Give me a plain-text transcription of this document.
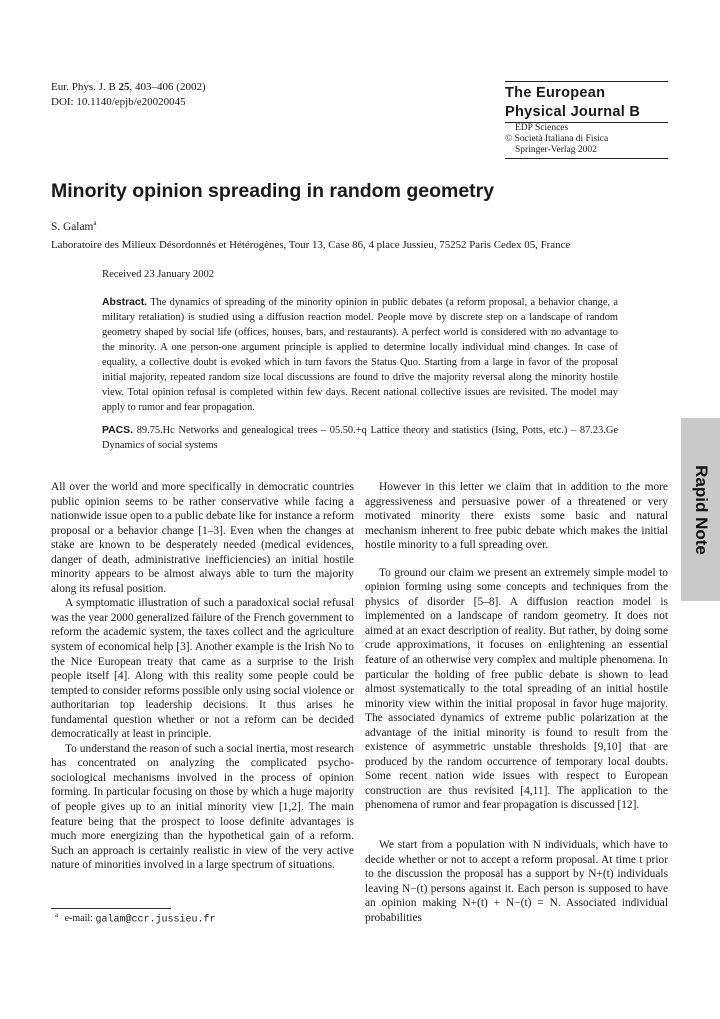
Eur. Phys. J. B 25, 403–406 (2002)
DOI: 10.1140/epjb/e20020045
The European
Physical Journal B
EDP Sciences
© Società Italiana di Fisica
Springer-Verlag 2002
Minority opinion spreading in random geometry
S. Galam$^a$
Laboratoire des Milieux Désordonnés et Hétérogènes, Tour 13, Case 86, 4 place Jussieu, 75252 Paris Cedex 05, France
Received 23 January 2002
Abstract. The dynamics of spreading of the minority opinion in public debates (a reform proposal, a behavior change, a military retaliation) is studied using a diffusion reaction model. People move by discrete step on a landscape of random geometry shaped by social life (offices, houses, bars, and restaurants). A perfect world is considered with no advantage to the minority. A one person-one argument principle is applied to determine locally individual mind changes. In case of equality, a collective doubt is evoked which in turn favors the Status Quo. Starting from a large in favor of the proposal initial majority, repeated random size local discussions are found to drive the majority reversal along the minority hostile view. Total opinion refusal is completed within few days. Recent national collective issues are revisited. The model may apply to rumor and fear propagation.
PACS. 89.75.Hc Networks and genealogical trees – 05.50.+q Lattice theory and statistics (Ising, Potts, etc.) – 87.23.Ge Dynamics of social systems
Rapid Note

All over the world and more specifically in democratic countries public opinion seems to be rather conservative while facing a nationwide issue open to a public debate like for instance a reform proposal or a behavior change [1–3]. Even when the changes at stake are known to be desperately needed (medical evidences, danger of death, administrative inefficiencies) an initial hostile minority appears to be almost always able to turn the majority along its refusal position.

A symptomatic illustration of such a paradoxical social refusal was the year 2000 generalized failure of the French government to reform the academic system, the taxes collect and the agriculture system of economical help [3]. Another example is the Irish No to the Nice European treaty that came as a surprise to the Irish people itself [4]. Along with this reality some people could be tempted to consider reforms possible only using social violence or authoritarian top leadership decisions. It thus arises he fundamental question whether or not a reform can be decided democratically at least in principle.

To understand the reason of such a social inertia, most research has concentrated on analyzing the complicated psycho-sociological mechanisms involved in the process of opinion forming. In particular focusing on those by which a huge majority of people gives up to an initial minority view [1,2]. The main feature being that the prospect to loose definite advantages is much more energizing than the hypothetical gain of a reform. Such an approach is certainly realistic in view of the very active nature of minorities involved in a large spectrum of situations.

However in this letter we claim that in addition to the more aggressiveness and persuasive power of a threatened or very motivated minority there exists some basic and natural mechanism inherent to free pubic debate which makes the initial hostile minority to a full spreading over.

To ground our claim we present an extremely simple model to opinion forming using some concepts and techniques from the physics of disorder [5–8]. A diffusion reaction model is implemented on a landscape of random geometry. It does not aimed at an exact description of reality. But rather, by doing some crude approximations, it focuses on enlightening an essential feature of an otherwise very complex and multiple phenomena. In particular the holding of free public debate is shown to lead almost systematically to the total spreading of an initial hostile minority view within the initial proposal in favor huge majority. The associated dynamics of extreme public polarization at the advantage of the initial minority is found to result from the existence of asymmetric unstable thresholds [9,10] that are produced by the random occurrence of temporary local doubts. Some recent nation wide issues with respect to European construction are thus revisited [4,11]. The application to the phenomena of rumor and fear propagation is discussed [12].

We start from a population with N individuals, which have to decide whether or not to accept a reform proposal. At time t prior to the discussion the proposal has a support by N+(t) individuals leaving N−(t) persons against it. Each person is supposed to have an opinion making N+(t) + N−(t) = N. Associated individual probabilities

$^a$ e-mail: galam@ccr.jussieu.fr
